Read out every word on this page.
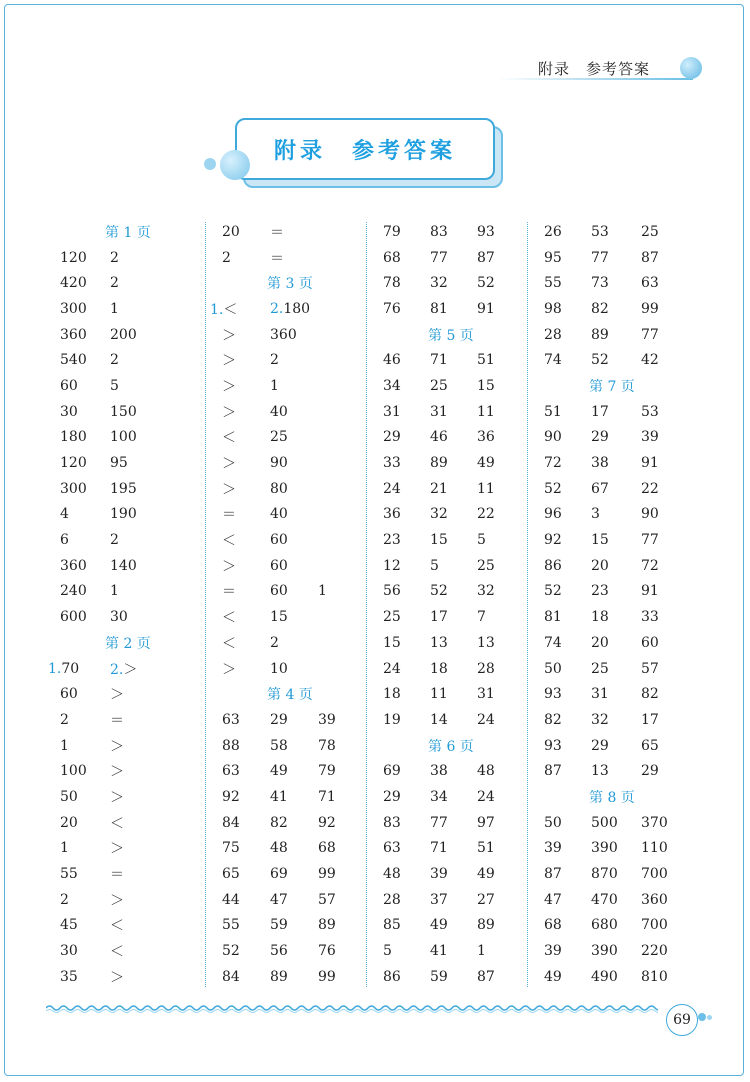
附录　参考答案
附录　参考答案
第 1 页
120	2
420	2
300	1
360	200
540	2
60	5
30	150
180	100
120	95
300	195
4	190
6	2
360	140
240	1
600	30
第 2 页
1.70	2.＞
60	＞
2	＝
1	＞
100	＞
50	＞
20	＜
1	＞
55	＝
2	＞
45	＜
30	＜
35	＞
20	＝
2	＝
第 3 页
1.＜	2.180
＞	360
＞	2
＞	1
＞	40
＜	25
＞	90
＞	80
＝	40
＜	60
＞	60
＝	60	1
＜	15
＜	2
＞	10
第 4 页
63	29	39
88	58	78
63	49	79
92	41	71
84	82	92
75	48	68
65	69	99
44	47	57
55	59	89
52	56	76
84	89	99
79	83	93
68	77	87
78	32	52
76	81	91
第 5 页
46	71	51
34	25	15
31	31	11
29	46	36
33	89	49
24	21	11
36	32	22
23	15	5
12	5	25
56	52	32
25	17	7
15	13	13
24	18	28
18	11	31
19	14	24
第 6 页
69	38	48
29	34	24
83	77	97
63	71	51
48	39	49
28	37	27
85	49	89
5	41	1
86	59	87
26	53	25
95	77	87
55	73	63
98	82	99
28	89	77
74	52	42
第 7 页
51	17	53
90	29	39
72	38	91
52	67	22
96	3	90
92	15	77
86	20	72
52	23	91
81	18	33
74	20	60
50	25	57
93	31	82
82	32	17
93	29	65
87	13	29
第 8 页
50	500	370
39	390	110
87	870	700
47	470	360
68	680	700
39	390	220
49	490	810
69
